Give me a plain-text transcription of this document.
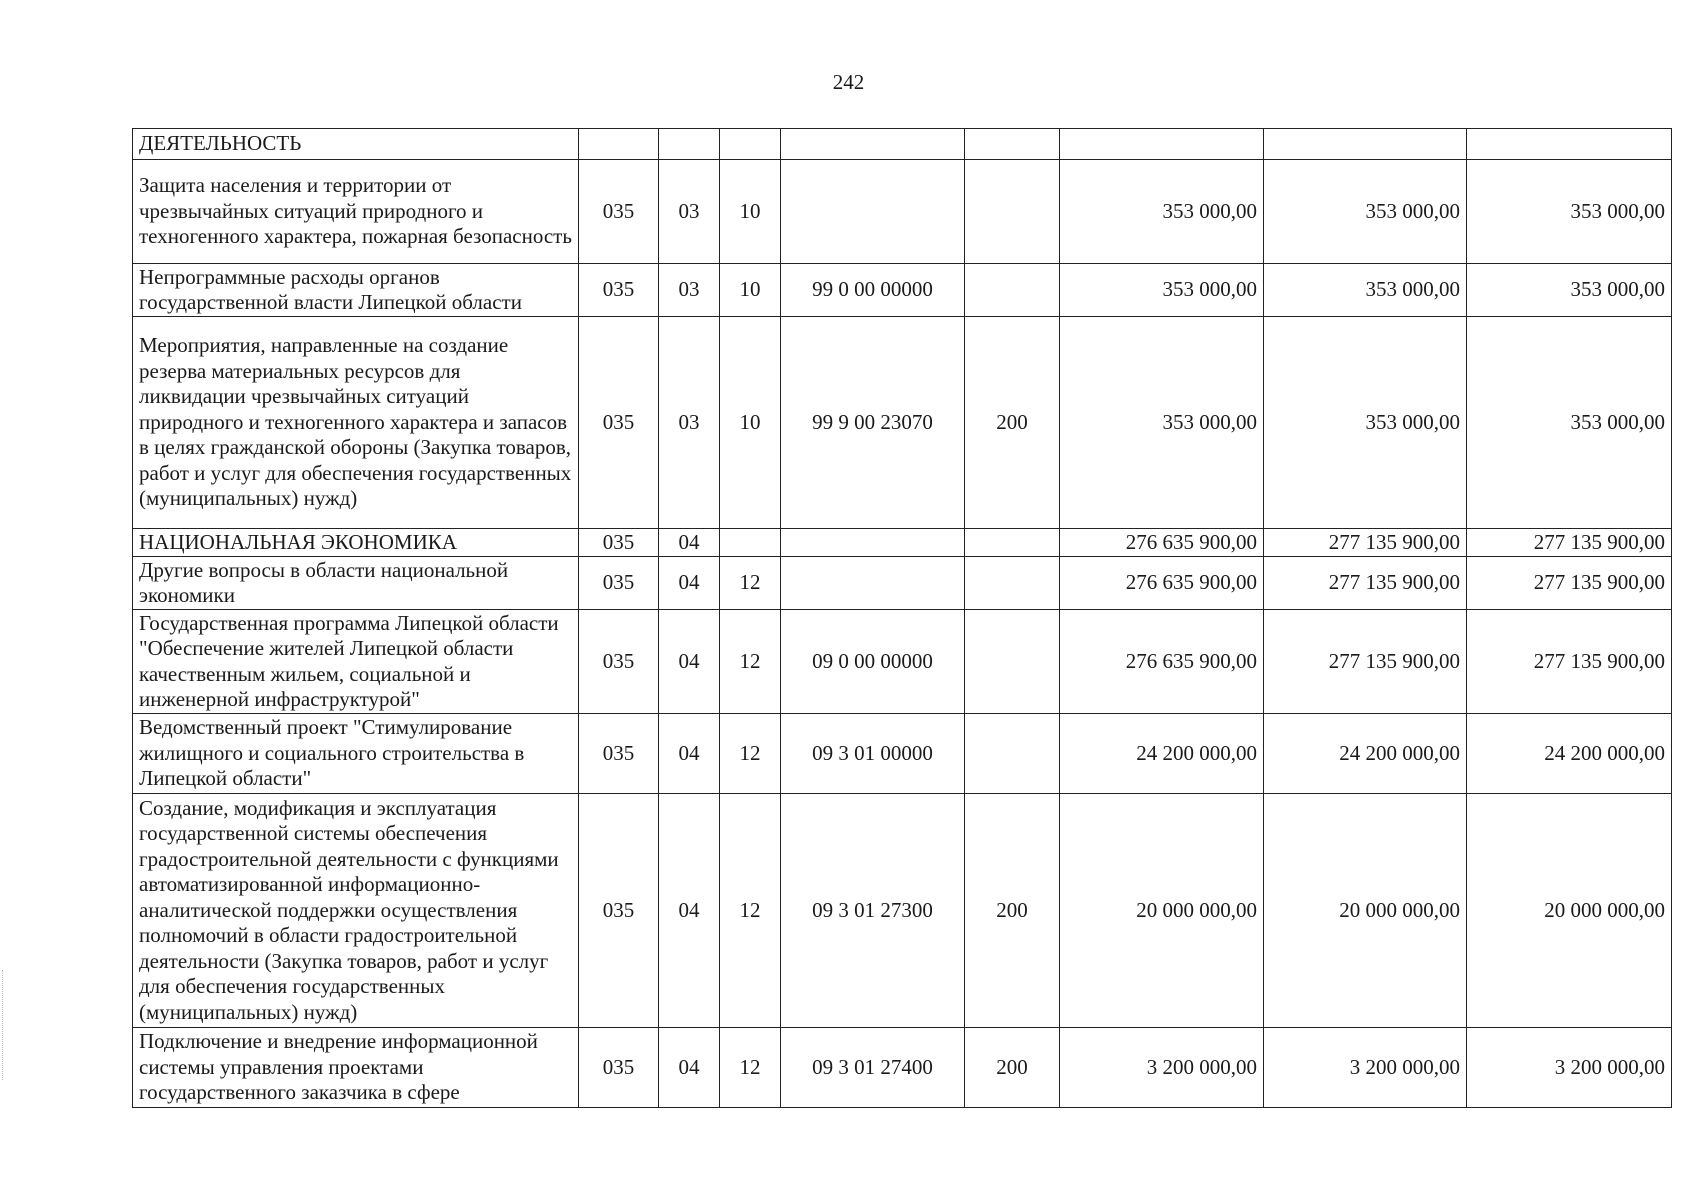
242
ДЕЯТЕЛЬНОСТЬ								
Защита населения и территории от чрезвычайных ситуаций природного и техногенного характера, пожарная безопасность	035	03	10			353 000,00	353 000,00	353 000,00
Непрограммные расходы органов государственной власти Липецкой области	035	03	10	99 0 00 00000		353 000,00	353 000,00	353 000,00
Мероприятия, направленные на создание резерва материальных ресурсов для ликвидации чрезвычайных ситуаций природного и техногенного характера и запасов в целях гражданской обороны (Закупка товаров, работ и услуг для обеспечения государственных (муниципальных) нужд)	035	03	10	99 9 00 23070	200	353 000,00	353 000,00	353 000,00
НАЦИОНАЛЬНАЯ ЭКОНОМИКА	035	04				276 635 900,00	277 135 900,00	277 135 900,00
Другие вопросы в области национальной экономики	035	04	12			276 635 900,00	277 135 900,00	277 135 900,00
Государственная программа Липецкой области "Обеспечение жителей Липецкой области качественным жильем, социальной и инженерной инфраструктурой"	035	04	12	09 0 00 00000		276 635 900,00	277 135 900,00	277 135 900,00
Ведомственный проект "Стимулирование жилищного и социального строительства в Липецкой области"	035	04	12	09 3 01 00000		24 200 000,00	24 200 000,00	24 200 000,00
Создание, модификация и эксплуатация государственной системы обеспечения градостроительной деятельности с функциями автоматизированной информационно-аналитической поддержки осуществления полномочий в области градостроительной деятельности (Закупка товаров, работ и услуг для обеспечения государственных (муниципальных) нужд)	035	04	12	09 3 01 27300	200	20 000 000,00	20 000 000,00	20 000 000,00
Подключение и внедрение информационной системы управления проектами государственного заказчика в сфере	035	04	12	09 3 01 27400	200	3 200 000,00	3 200 000,00	3 200 000,00
